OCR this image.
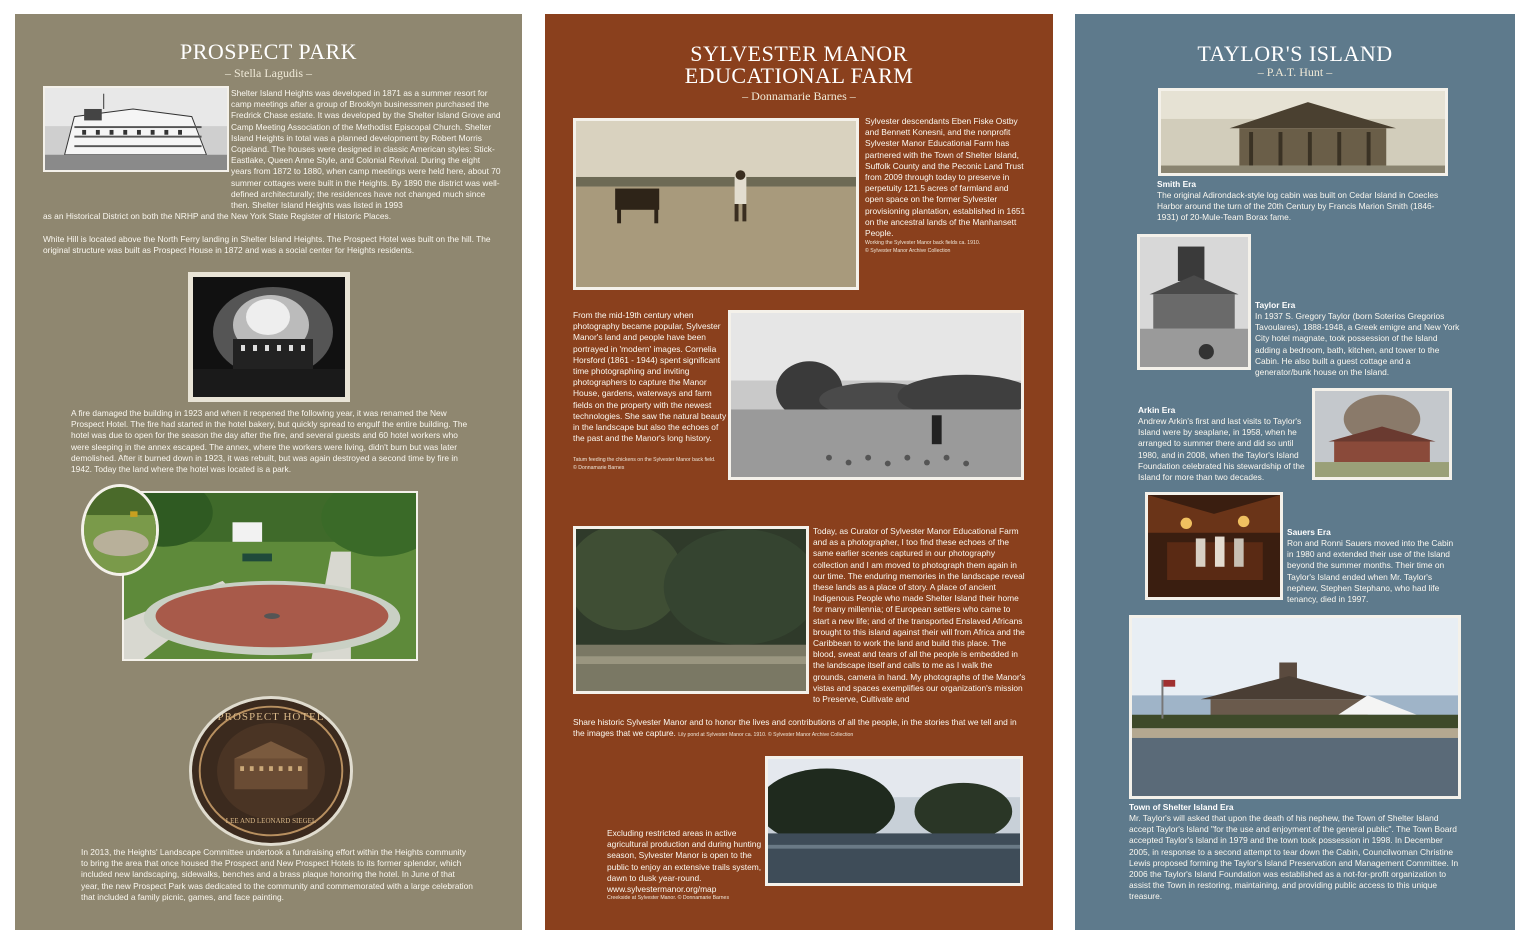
PROSPECT PARK
– Stella Lagudis –
Shelter Island Heights was developed in 1871 as a summer resort for camp meetings after a group of Brooklyn businessmen purchased the Fredrick Chase estate. It was developed by the Shelter Island Grove and Camp Meeting Association of the Methodist Episcopal Church. Shelter Island Heights in total was a planned development by Robert Morris Copeland. The houses were designed in classic American styles: Stick-Eastlake, Queen Anne Style, and Colonial Revival. During the eight years from 1872 to 1880, when camp meetings were held here, about 70 summer cottages were built in the Heights. By 1890 the district was well-defined architecturally; the residences have not changed much since then. Shelter Island Heights was listed in 1993
as an Historical District on both the NRHP and the New York State Register of Historic Places.
White Hill is located above the North Ferry landing in Shelter Island Heights. The Prospect Hotel was built on the hill. The original structure was built as Prospect House in 1872 and was a social center for Heights residents.
A fire damaged the building in 1923 and when it reopened the following year, it was renamed the New Prospect Hotel. The fire had started in the hotel bakery, but quickly spread to engulf the entire building. The hotel was due to open for the season the day after the fire, and several guests and 60 hotel workers who were sleeping in the annex escaped. The annex, where the workers were living, didn't burn but was later demolished. After it burned down in 1923, it was rebuilt, but was again destroyed a second time by fire in 1942. Today the land where the hotel was located is a park.
PROSPECT HOTEL
LEE AND LEONARD SIEGEL
In 2013, the Heights' Landscape Committee undertook a fundraising effort within the Heights community to bring the area that once housed the Prospect and New Prospect Hotels to its former splendor, which included new landscaping, sidewalks, benches and a brass plaque honoring the hotel. In June of that year, the new Prospect Park was dedicated to the community and commemorated with a large celebration that included a family picnic, games, and face painting.
SYLVESTER MANOR
EDUCATIONAL FARM
– Donnamarie Barnes –
Sylvester descendants Eben Fiske Ostby and Bennett Konesni, and the nonprofit Sylvester Manor Educational Farm has partnered with the Town of Shelter Island, Suffolk County and the Peconic Land Trust from 2009 through today to preserve in perpetuity 121.5 acres of farmland and open space on the former Sylvester provisioning plantation, established in 1651 on the ancestral lands of the Manhansett People.
Working the Sylvester Manor back fields ca. 1910.
© Sylvester Manor Archive Collection
From the mid-19th century when photography became popular, Sylvester Manor's land and people have been portrayed in 'modern' images. Cornelia Horsford (1861 - 1944) spent significant time photographing and inviting photographers to capture the Manor House, gardens, waterways and farm fields on the property with the newest technologies. She saw the natural beauty in the landscape but also the echoes of the past and the Manor's long history.
Tatum feeding the chickens on the Sylvester Manor back field.
© Donnamarie Barnes
Today, as Curator of Sylvester Manor Educational Farm and as a photographer, I too find these echoes of the same earlier scenes captured in our photography collection and I am moved to photograph them again in our time. The enduring memories in the landscape reveal these lands as a place of story. A place of ancient Indigenous People who made Shelter Island their home for many millennia; of European settlers who came to start a new life; and of the transported Enslaved Africans brought to this island against their will from Africa and the Caribbean to work the land and build this place. The blood, sweat and tears of all the people is embedded in the landscape itself and calls to me as I walk the grounds, camera in hand. My photographs of the Manor's vistas and spaces exemplifies our organization's mission to Preserve, Cultivate and
Share historic Sylvester Manor and to honor the lives and contributions of all the people, in the stories that we tell and in the images that we capture. Lily pond at Sylvester Manor ca. 1910. © Sylvester Manor Archive Collection
Excluding restricted areas in active agricultural production and during hunting season, Sylvester Manor is open to the public to enjoy an extensive trails system, dawn to dusk year-round.
www.sylvestermanor.org/map
Creekside at Sylvester Manor. © Donnamarie Barnes
TAYLOR'S ISLAND
– P.A.T. Hunt –
Smith Era
The original Adirondack-style log cabin was built on Cedar Island in Coecles Harbor around the turn of the 20th Century by Francis Marion Smith (1846-1931) of 20-Mule-Team Borax fame.
Taylor Era
In 1937 S. Gregory Taylor (born Soterios Gregorios Tavoulares), 1888-1948, a Greek emigre and New York City hotel magnate, took possession of the Island adding a bedroom, bath, kitchen, and tower to the Cabin. He also built a guest cottage and a generator/bunk house on the Island.
Arkin Era
Andrew Arkin's first and last visits to Taylor's Island were by seaplane, in 1958, when he arranged to summer there and did so until 1980, and in 2008, when the Taylor's Island Foundation celebrated his stewardship of the Island for more than two decades.
Sauers Era
Ron and Ronni Sauers moved into the Cabin in 1980 and extended their use of the Island beyond the summer months. Their time on Taylor's Island ended when Mr. Taylor's nephew, Stephen Stephano, who had life tenancy, died in 1997.
Town of Shelter Island Era
Mr. Taylor's will asked that upon the death of his nephew, the Town of Shelter Island accept Taylor's Island "for the use and enjoyment of the general public". The Town Board accepted Taylor's Island in 1979 and the town took possession in 1998. In December 2005, in response to a second attempt to tear down the Cabin, Councilwoman Christine Lewis proposed forming the Taylor's Island Preservation and Management Committee. In 2006 the Taylor's Island Foundation was established as a not-for-profit organization to assist the Town in restoring, maintaining, and providing public access to this unique treasure.
